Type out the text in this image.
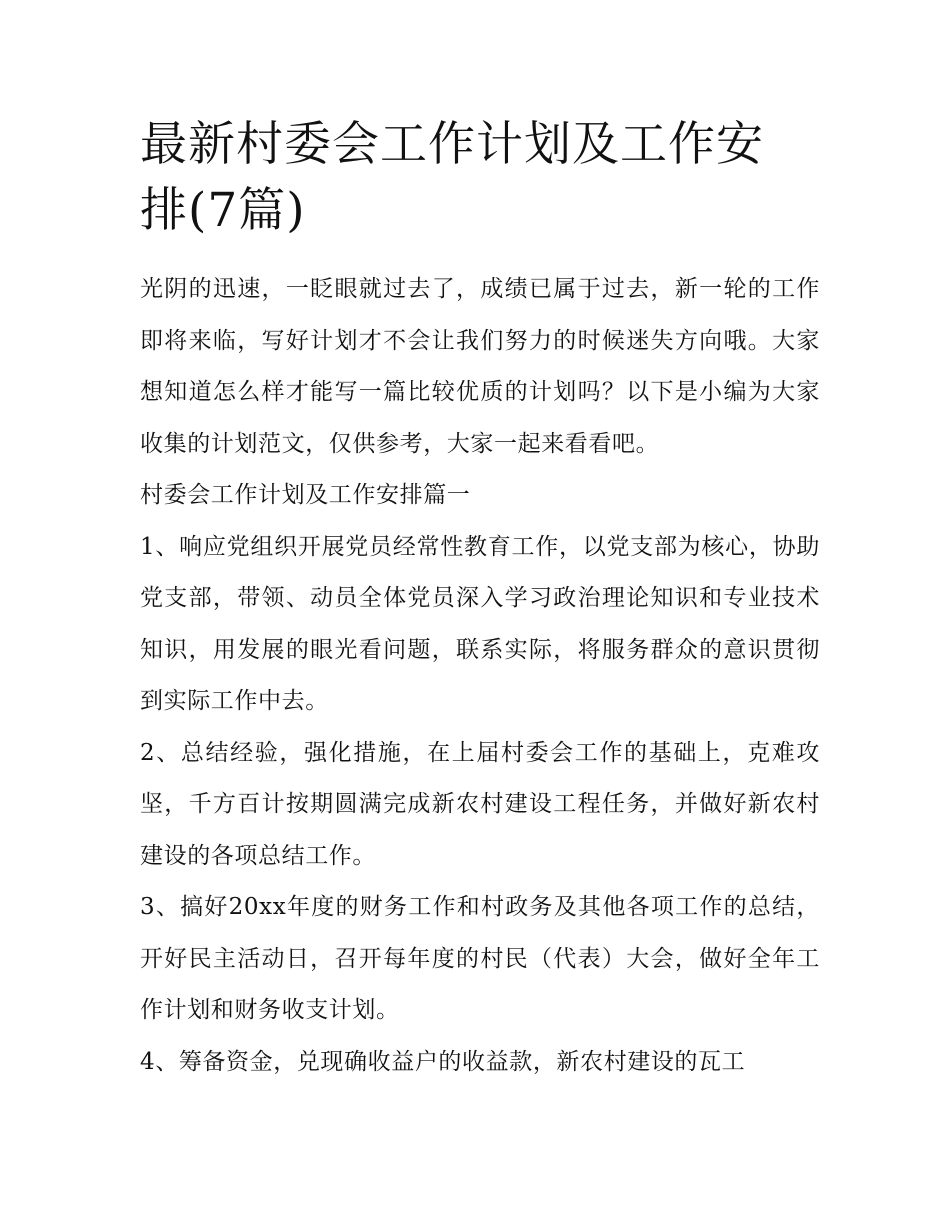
最新村委会工作计划及工作安排(7篇)

光阴的迅速，一眨眼就过去了，成绩已属于过去，新一轮的工作即将来临，写好计划才不会让我们努力的时候迷失方向哦。大家想知道怎么样才能写一篇比较优质的计划吗？以下是小编为大家收集的计划范文，仅供参考，大家一起来看看吧。

村委会工作计划及工作安排篇一

1、响应党组织开展党员经常性教育工作，以党支部为核心，协助党支部，带领、动员全体党员深入学习政治理论知识和专业技术知识，用发展的眼光看问题，联系实际，将服务群众的意识贯彻到实际工作中去。

2、总结经验，强化措施，在上届村委会工作的基础上，克难攻坚，千方百计按期圆满完成新农村建设工程任务，并做好新农村建设的各项总结工作。

3、搞好20xx年度的财务工作和村政务及其他各项工作的总结，开好民主活动日，召开每年度的村民（代表）大会，做好全年工作计划和财务收支计划。

4、筹备资金，兑现确收益户的收益款，新农村建设的瓦工
